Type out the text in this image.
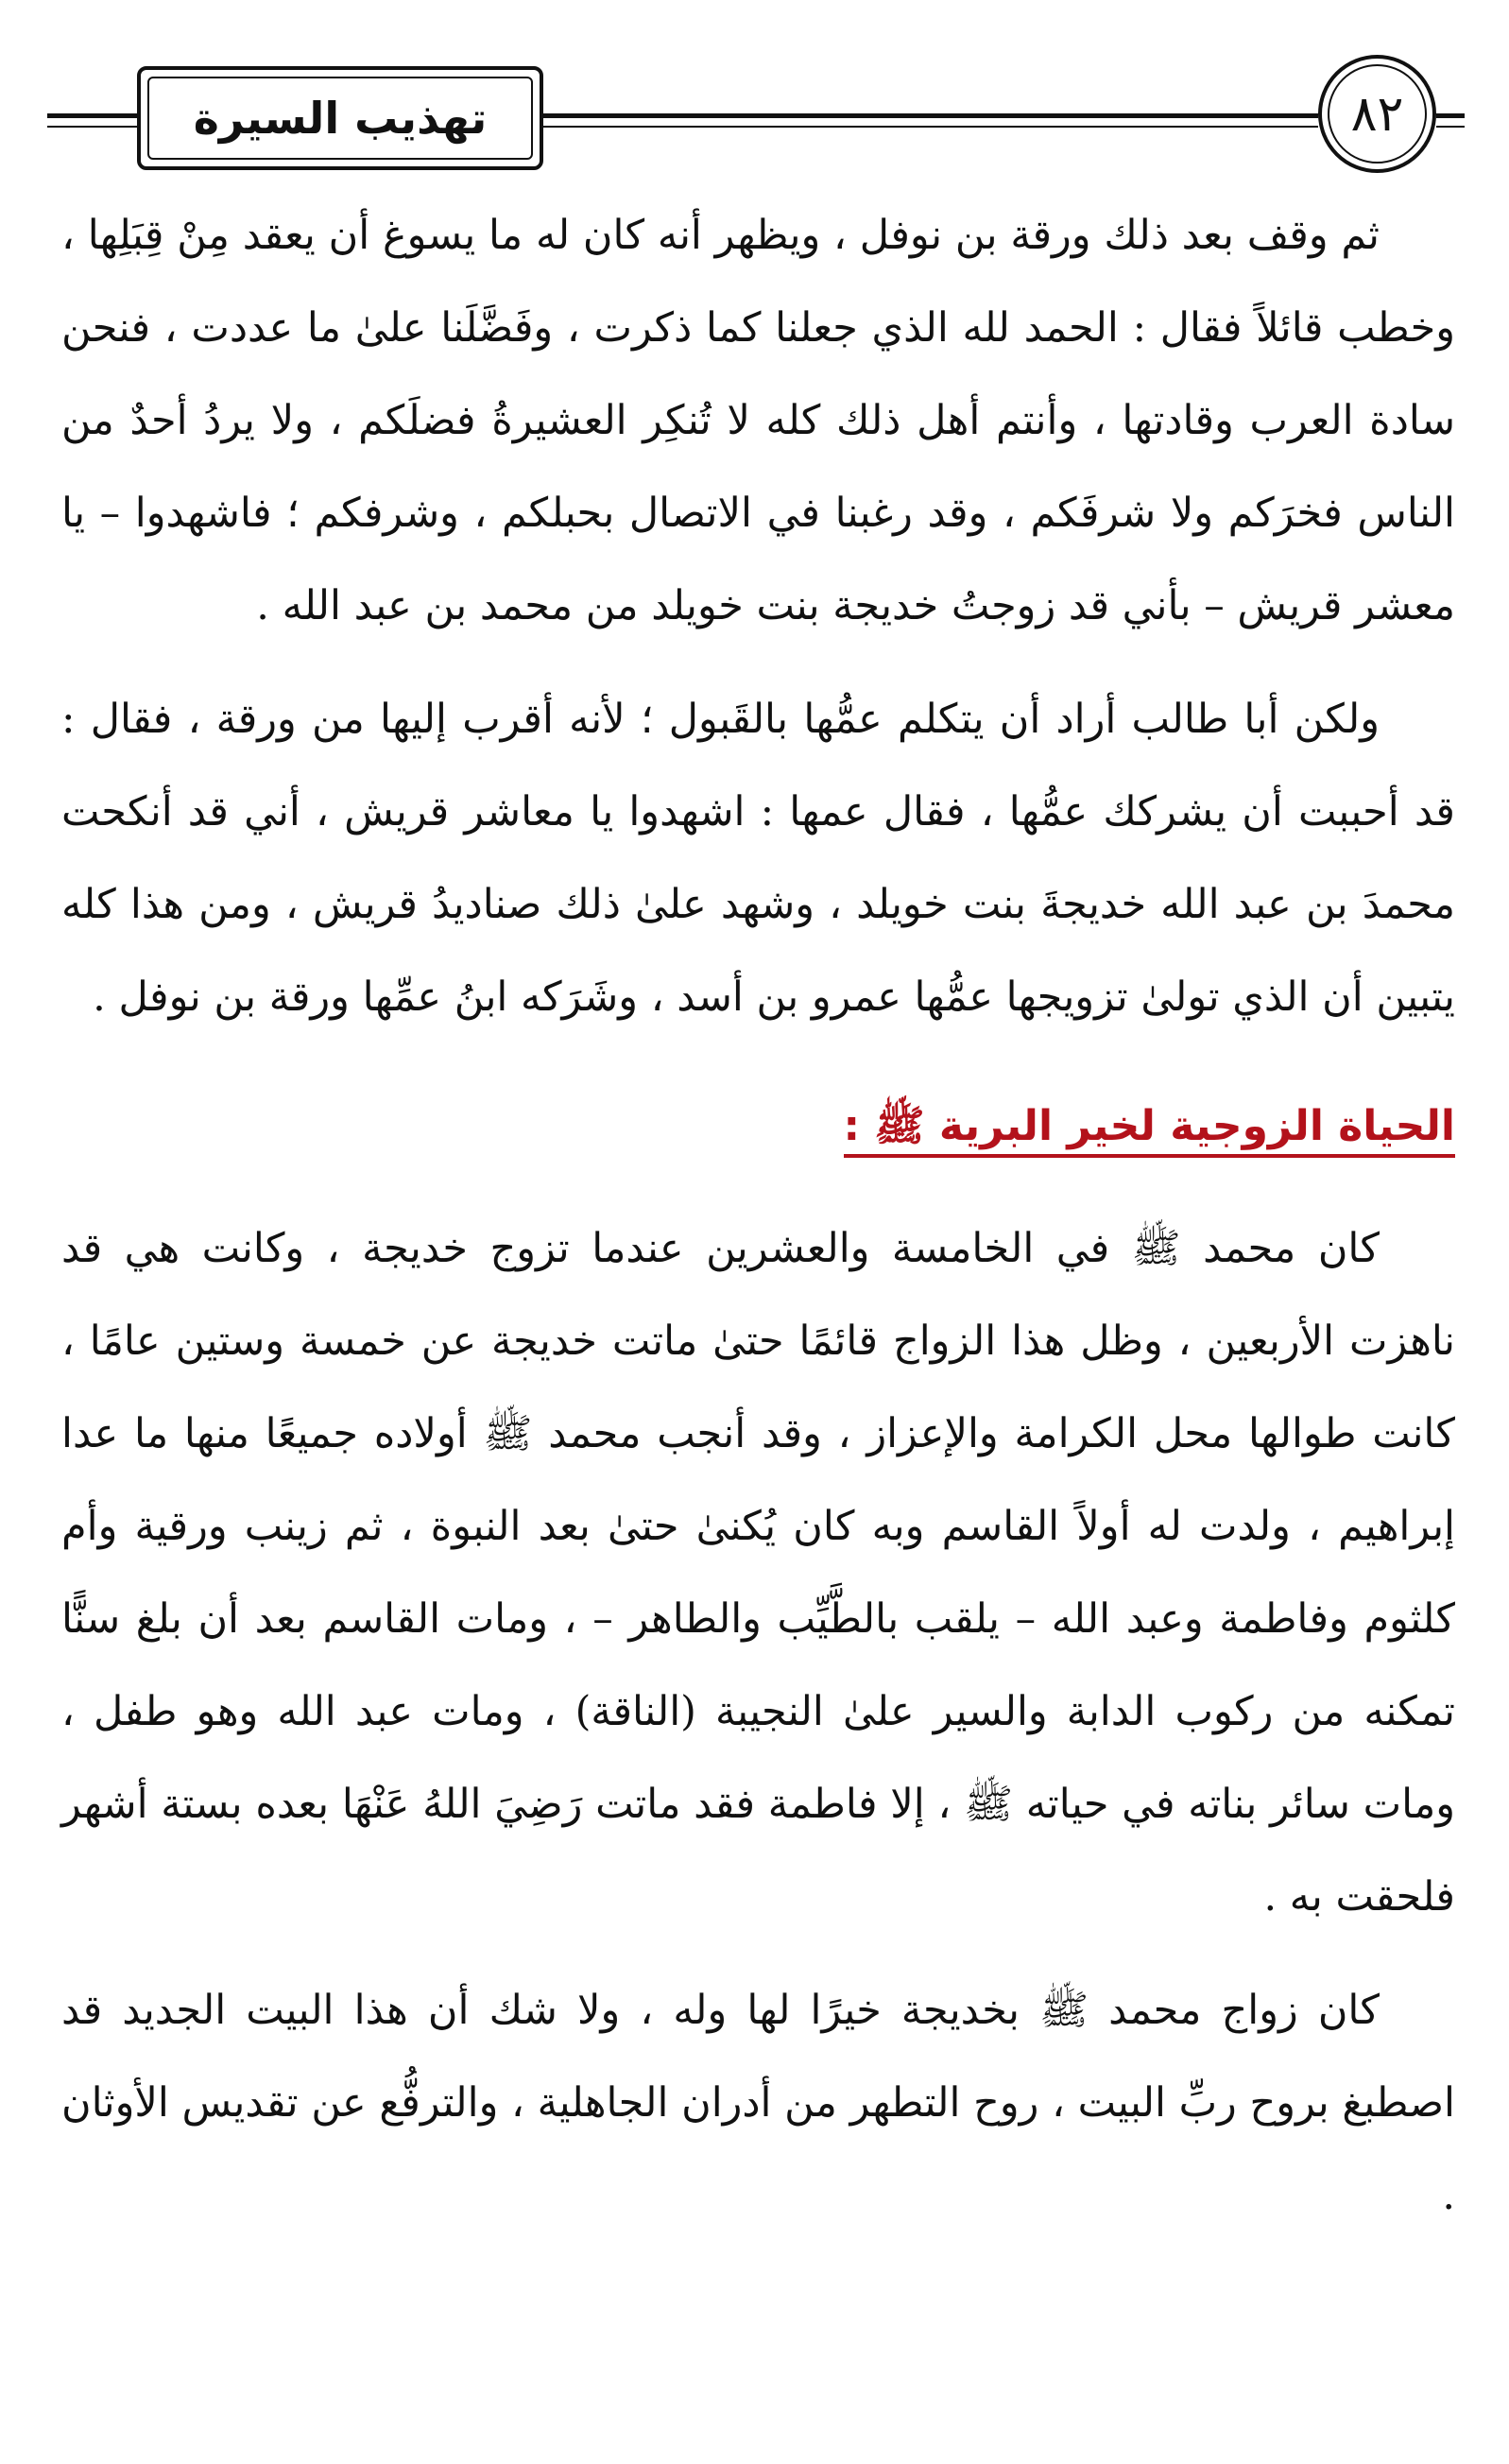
تهذيب السيرة	٨٢

ثم وقف بعد ذلك ورقة بن نوفل ، ويظهر أنه كان له ما يسوغ أن يعقد مِنْ قِبَلِها ، وخطب قائلاً فقال : الحمد لله الذي جعلنا كما ذكرت ، وفَضَّلَنا علىٰ ما عددت ، فنحن سادة العرب وقادتها ، وأنتم أهل ذلك كله لا تُنكِر العشيرةُ فضلَكم ، ولا يردُ أحدٌ من الناس فخرَكم ولا شرفَكم ، وقد رغبنا في الاتصال بحبلكم ، وشرفكم ؛ فاشهدوا – يا معشر قريش – بأني قد زوجتُ خديجة بنت خويلد من محمد بن عبد الله .

ولكن أبا طالب أراد أن يتكلم عمُّها بالقَبول ؛ لأنه أقرب إليها من ورقة ، فقال : قد أحببت أن يشركك عمُّها ، فقال عمها : اشهدوا يا معاشر قريش ، أني قد أنكحت محمدَ بن عبد الله خديجةَ بنت خويلد ، وشهد علىٰ ذلك صناديدُ قريش ، ومن هذا كله يتبين أن الذي تولىٰ تزويجها عمُّها عمرو بن أسد ، وشَرَكه ابنُ عمِّها ورقة بن نوفل .

الحياة الزوجية لخير البرية ﷺ :

كان محمد ﷺ في الخامسة والعشرين عندما تزوج خديجة ، وكانت هي قد ناهزت الأربعين ، وظل هذا الزواج قائمًا حتىٰ ماتت خديجة عن خمسة وستين عامًا ، كانت طوالها محل الكرامة والإعزاز ، وقد أنجب محمد ﷺ أولاده جميعًا منها ما عدا إبراهيم ، ولدت له أولاً القاسم وبه كان يُكنىٰ حتىٰ بعد النبوة ، ثم زينب ورقية وأم كلثوم وفاطمة وعبد الله – يلقب بالطَّيِّب والطاهر – ، ومات القاسم بعد أن بلغ سنًّا تمكنه من ركوب الدابة والسير علىٰ النجيبة (الناقة) ، ومات عبد الله وهو طفل ، ومات سائر بناته في حياته ﷺ ، إلا فاطمة فقد ماتت رَضِيَ اللهُ عَنْهَا بعده بستة أشهر فلحقت به .

كان زواج محمد ﷺ بخديجة خيرًا لها وله ، ولا شك أن هذا البيت الجديد قد اصطبغ بروح ربِّ البيت ، روح التطهر من أدران الجاهلية ، والترفُّع عن تقديس الأوثان .
